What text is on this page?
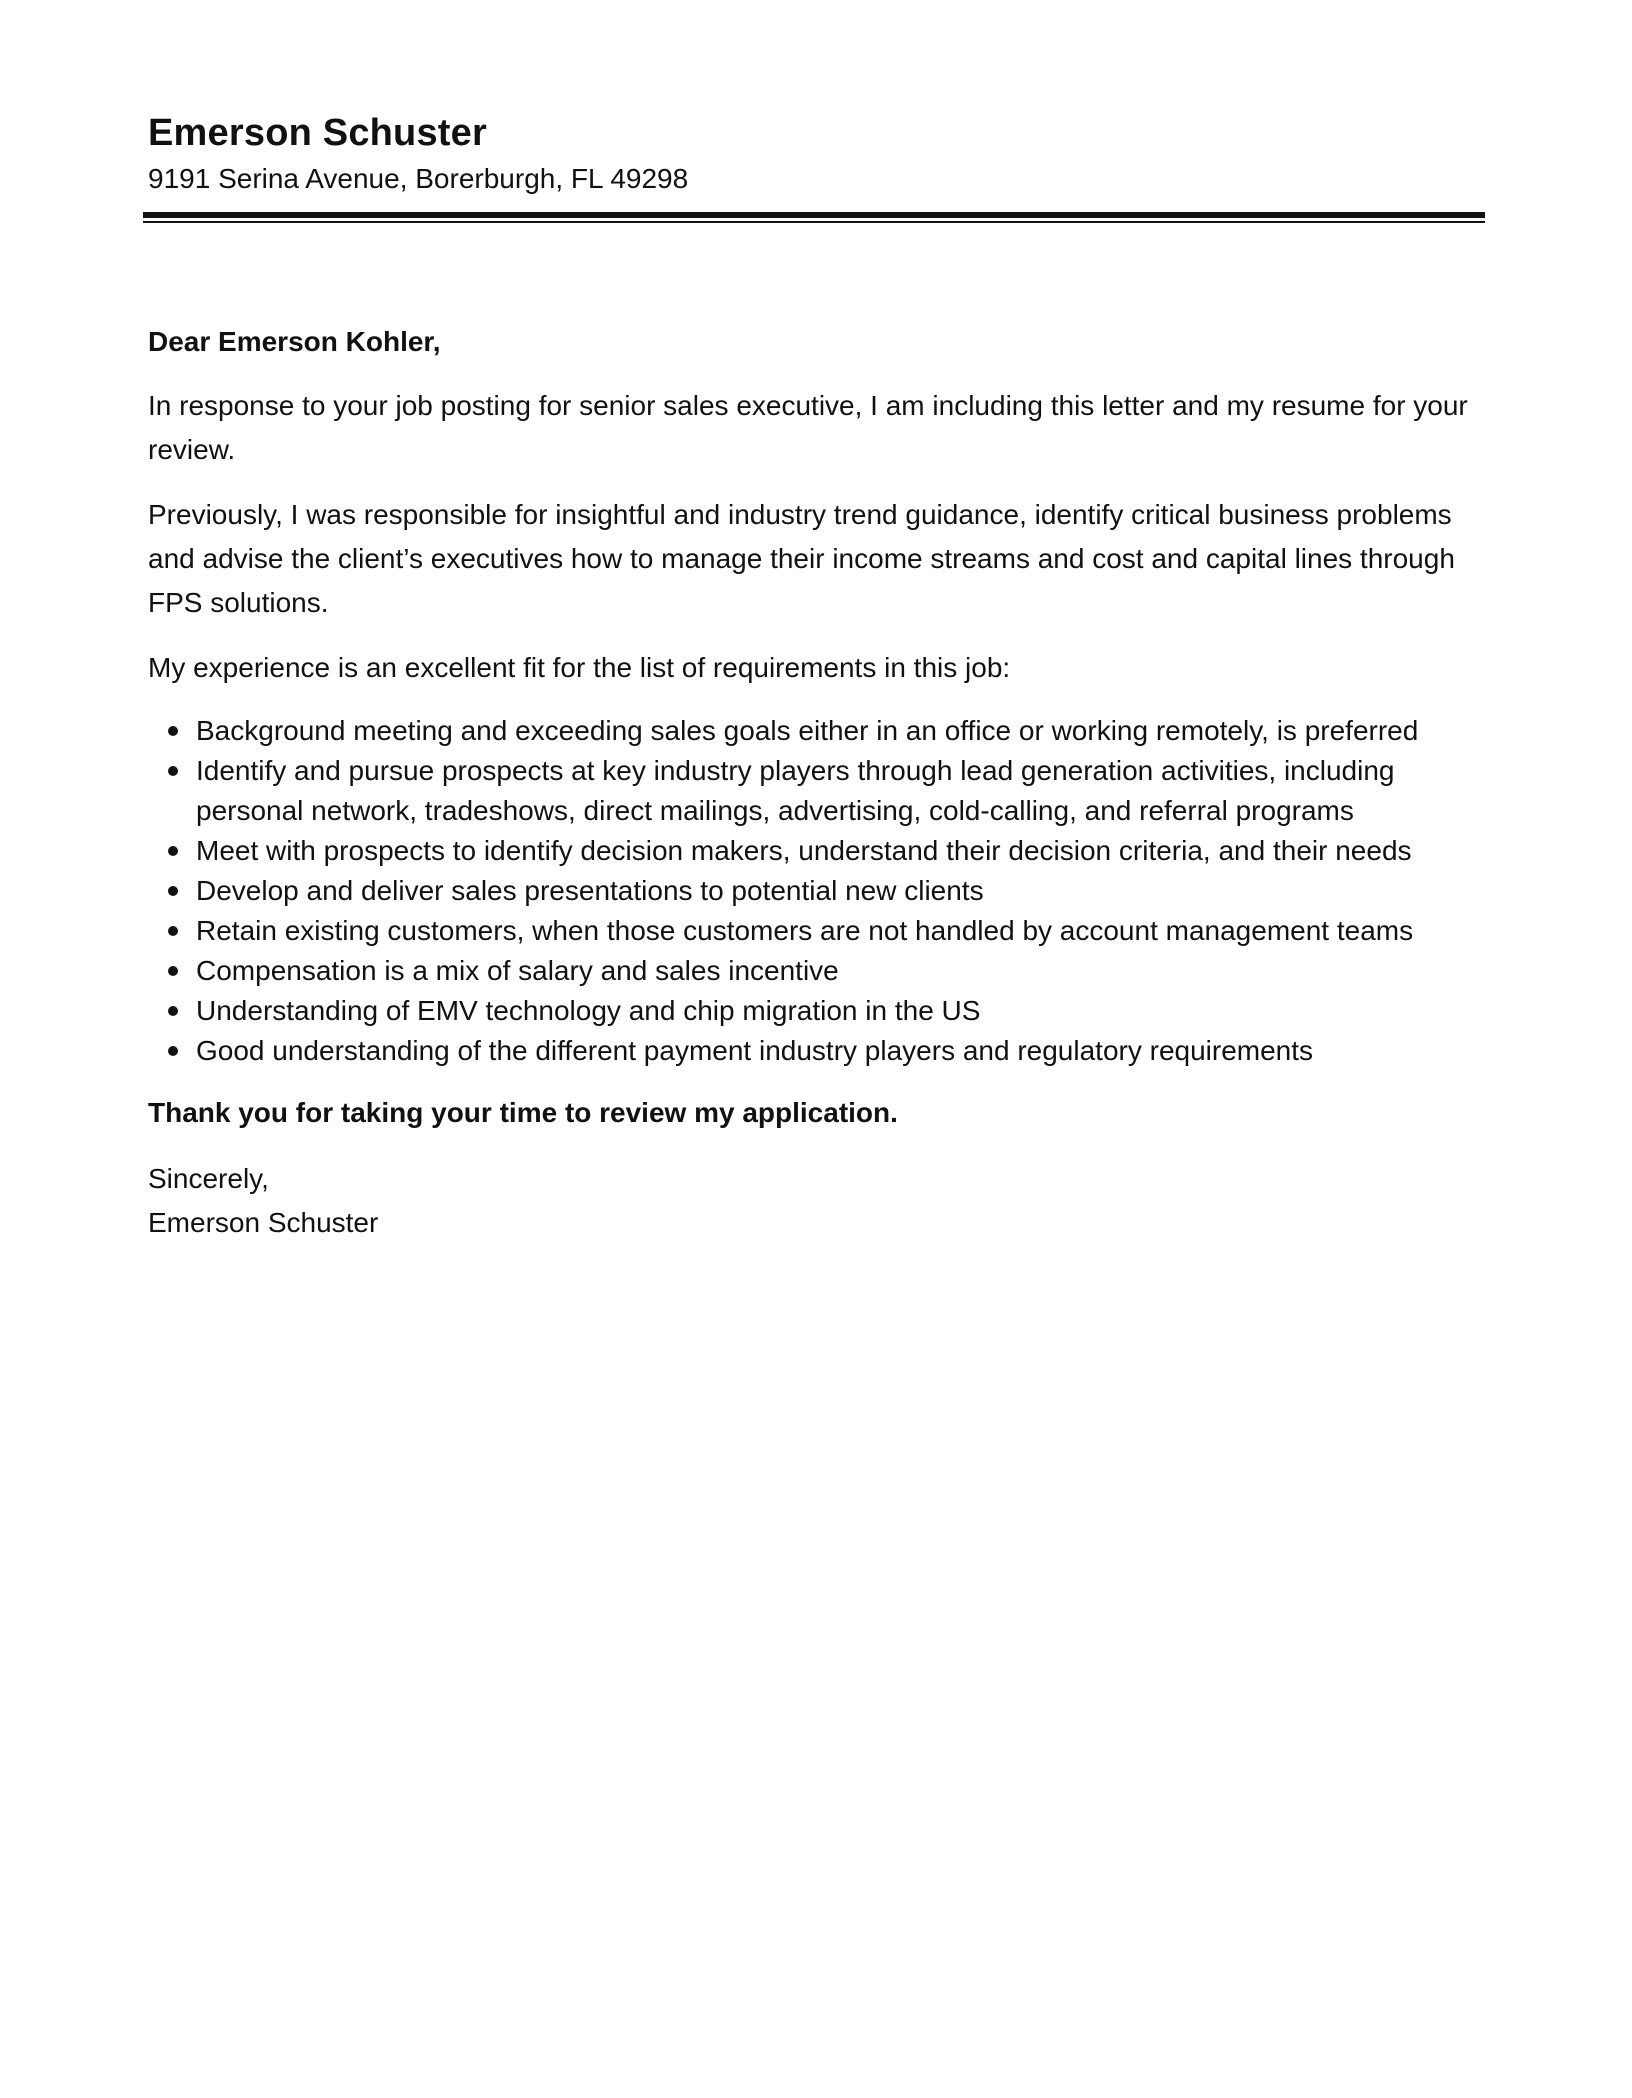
Emerson Schuster
9191 Serina Avenue, Borerburgh, FL 49298

Dear Emerson Kohler,

In response to your job posting for senior sales executive, I am including this letter and my resume for your review.

Previously, I was responsible for insightful and industry trend guidance, identify critical business problems and advise the client’s executives how to manage their income streams and cost and capital lines through FPS solutions.

My experience is an excellent fit for the list of requirements in this job:

Background meeting and exceeding sales goals either in an office or working remotely, is preferred
Identify and pursue prospects at key industry players through lead generation activities, including personal network, tradeshows, direct mailings, advertising, cold-calling, and referral programs
Meet with prospects to identify decision makers, understand their decision criteria, and their needs
Develop and deliver sales presentations to potential new clients
Retain existing customers, when those customers are not handled by account management teams
Compensation is a mix of salary and sales incentive
Understanding of EMV technology and chip migration in the US
Good understanding of the different payment industry players and regulatory requirements

Thank you for taking your time to review my application.

Sincerely,

Emerson Schuster
